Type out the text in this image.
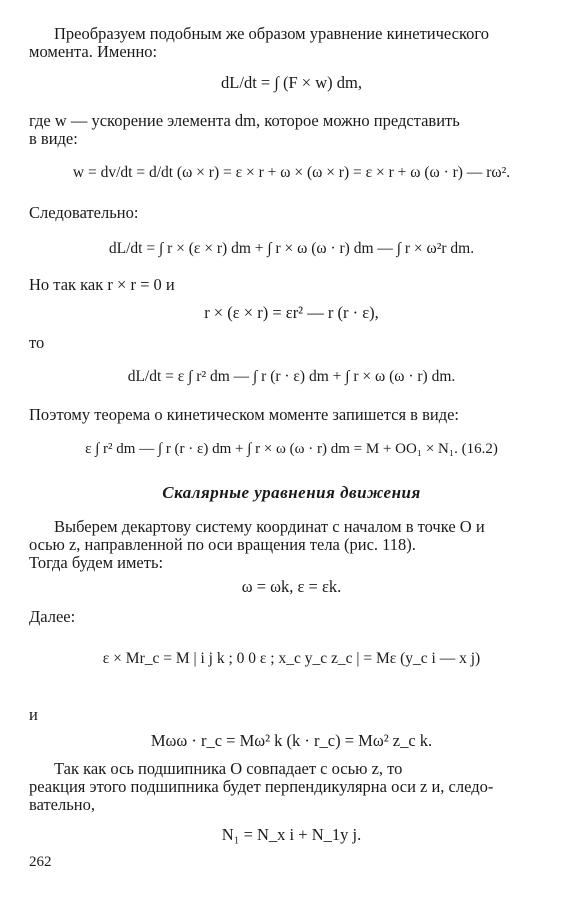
Преобразуем подобным же образом уравнение кинетического
момента. Именно:
dL/dt = ∫ (F × w) dm,
где w — ускорение элемента dm, которое можно представить
в виде:
w = dv/dt = d/dt (ω × r) = ε × r + ω × (ω × r) = ε × r + ω (ω · r) — rω².
Следовательно:
dL/dt = ∫ r × (ε × r) dm + ∫ r × ω (ω · r) dm — ∫ r × ω²r dm.
Но так как r × r = 0 и
r × (ε × r) = εr² — r (r · ε),
то
dL/dt = ε ∫ r² dm — ∫ r (r · ε) dm + ∫ r × ω (ω · r) dm.
Поэтому теорема о кинетическом моменте запишется в виде:
ε ∫ r² dm — ∫ r (r · ε) dm + ∫ r × ω (ω · r) dm = M + OO₁ × N₁. (16.2)
Скалярные уравнения движения
Выберем декартову систему координат с началом в точке O и
осью z, направленной по оси вращения тела (рис. 118).
Тогда будем иметь:
ω = ωk, ε = εk.
Далее:
ε × Mr_c = M | i j k ; 0 0 ε ; x_c y_c z_c | = Mε (y_c i — x j)
и
Mωω · r_c = Mω² k (k · r_c) = Mω² z_c k.
Так как ось подшипника O совпадает с осью z, то
реакция этого подшипника будет перпендикулярна оси z и, следо-
вательно,
N₁ = N_x i + N_1y j.
262
